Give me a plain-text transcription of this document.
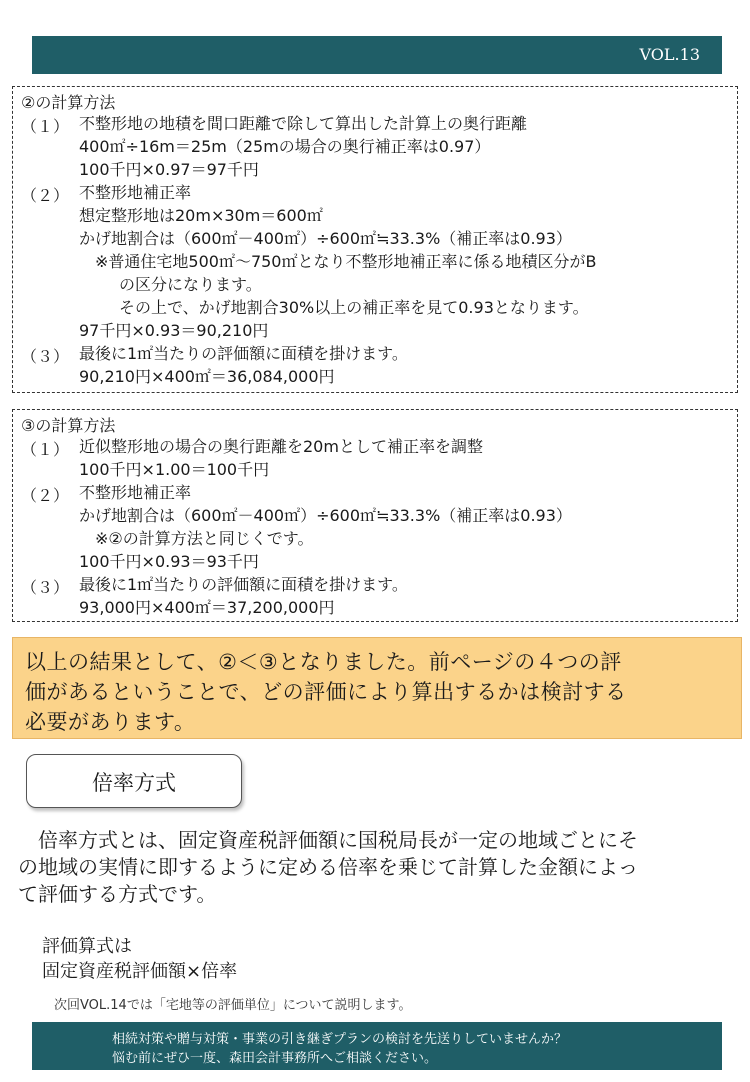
VOL.13
②の計算方法
（１） 不整形地の地積を間口距離で除して算出した計算上の奥行距離
400㎡÷16m＝25m（25mの場合の奥行補正率は0.97）
100千円×0.97＝97千円
（２） 不整形地補正率
想定整形地は20m×30m＝600㎡
かげ地割合は（600㎡－400㎡）÷600㎡≒33.3%（補正率は0.93）
※普通住宅地500㎡～750㎡となり不整形地補正率に係る地積区分がB
の区分になります。
その上で、かげ地割合30%以上の補正率を見て0.93となります。
97千円×0.93＝90,210円
（３） 最後に1㎡当たりの評価額に面積を掛けます。
90,210円×400㎡＝36,084,000円
③の計算方法
（１） 近似整形地の場合の奥行距離を20mとして補正率を調整
100千円×1.00＝100千円
（２） 不整形地補正率
かげ地割合は（600㎡－400㎡）÷600㎡≒33.3%（補正率は0.93）
※②の計算方法と同じくです。
100千円×0.93＝93千円
（３） 最後に1㎡当たりの評価額に面積を掛けます。
93,000円×400㎡＝37,200,000円
以上の結果として、②＜③となりました。前ページの４つの評
価があるということで、どの評価により算出するかは検討する
必要があります。
倍率方式
　倍率方式とは、固定資産税評価額に国税局長が一定の地域ごとにそ
の地域の実情に即するように定める倍率を乗じて計算した金額によっ
て評価する方式です。
評価算式は
固定資産税評価額×倍率
次回VOL.14では「宅地等の評価単位」について説明します。
相続対策や贈与対策・事業の引き継ぎプランの検討を先送りしていませんか？
悩む前にぜひ一度、森田会計事務所へご相談ください。
